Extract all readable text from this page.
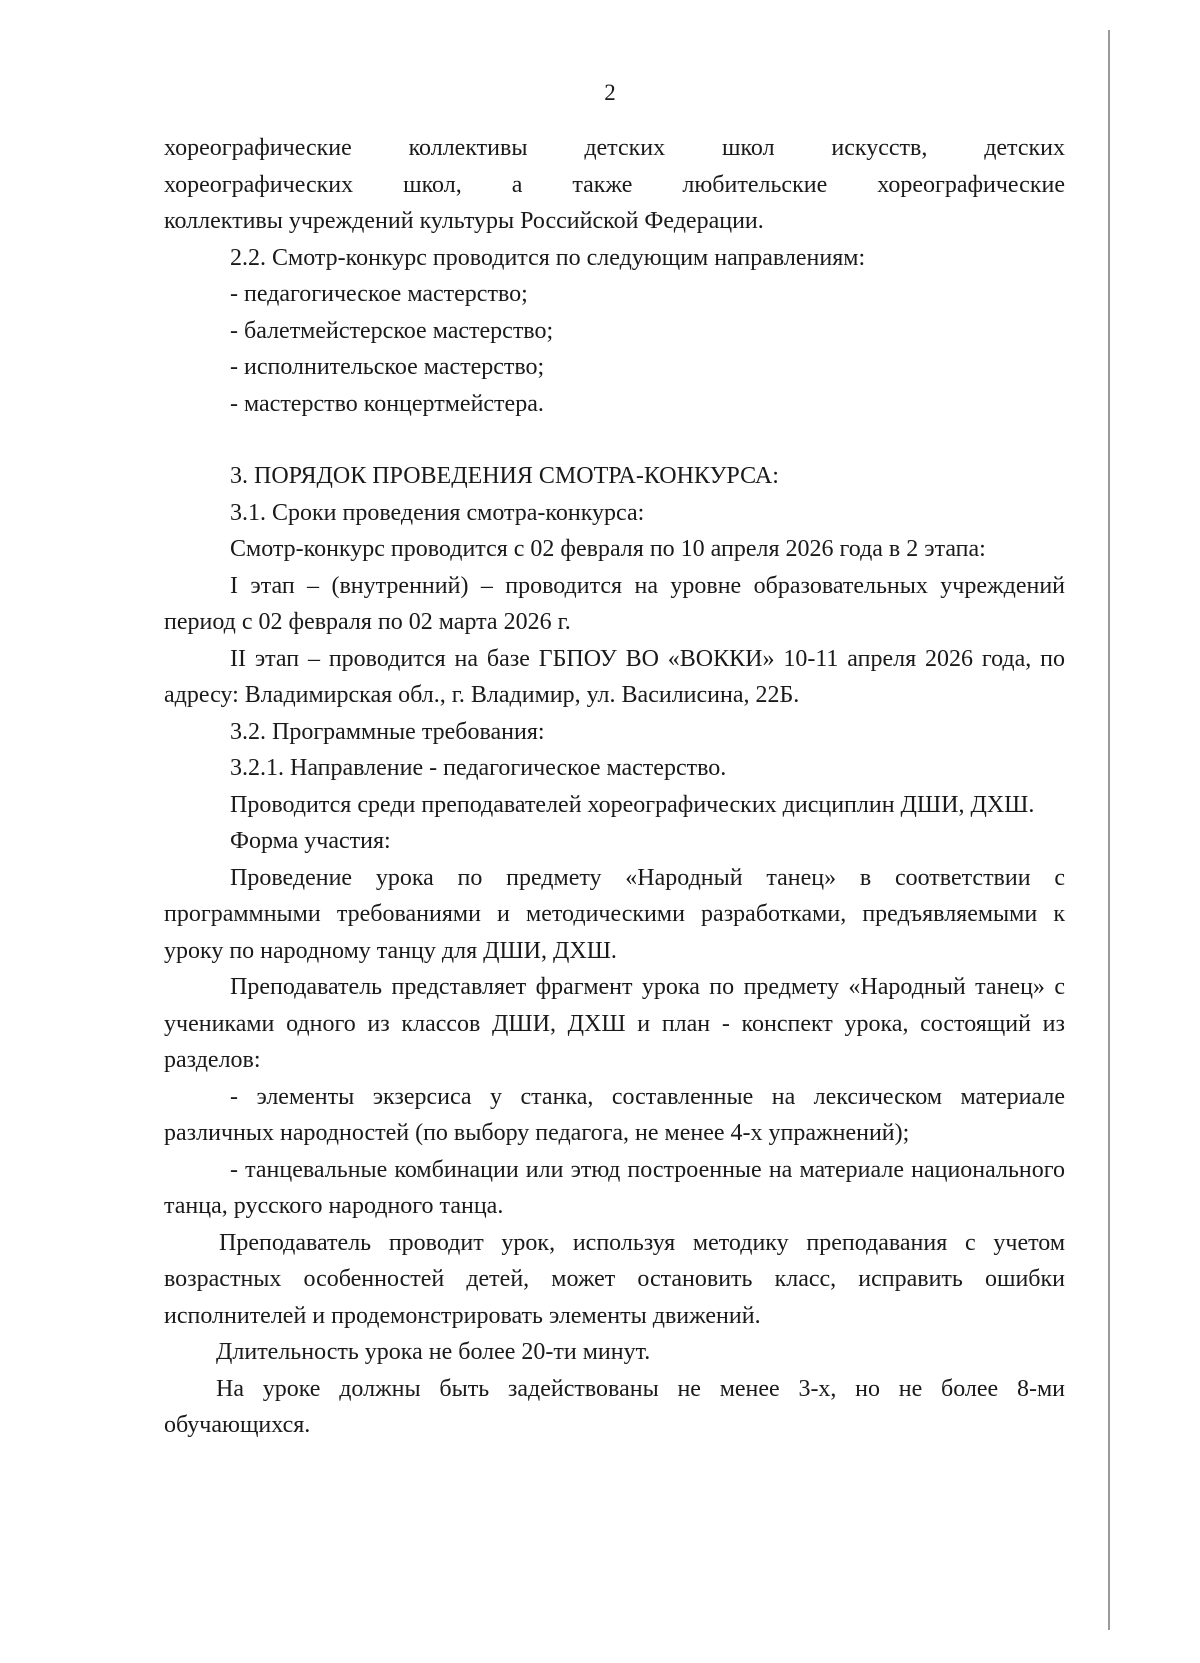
2

хореографические коллективы детских школ искусств, детских

хореографических школ, а также любительские хореографические

коллективы учреждений культуры Российской Федерации.

2.2. Смотр-конкурс проводится по следующим направлениям:

- педагогическое мастерство;

- балетмейстерское мастерство;

- исполнительское мастерство;

- мастерство концертмейстера.

3. ПОРЯДОК ПРОВЕДЕНИЯ СМОТРА-КОНКУРСА:

3.1. Сроки проведения смотра-конкурса:

Смотр-конкурс проводится с 02 февраля по 10 апреля 2026 года в 2 этапа:

I этап – (внутренний) – проводится на уровне образовательных учреждений период с 02 февраля по 02 марта 2026 г.

II этап – проводится на базе ГБПОУ ВО «ВОККИ» 10-11 апреля 2026 года, по адресу: Владимирская обл., г. Владимир, ул. Василисина, 22Б.

3.2. Программные требования:

3.2.1. Направление - педагогическое мастерство.

Проводится среди преподавателей хореографических дисциплин ДШИ, ДХШ.

Форма участия:

Проведение урока по предмету «Народный танец» в соответствии с программными требованиями и методическими разработками, предъявляемыми к уроку по народному танцу для ДШИ, ДХШ.

Преподаватель представляет фрагмент урока по предмету «Народный танец» с учениками одного из классов ДШИ, ДХШ и план - конспект урока, состоящий из разделов:

- элементы экзерсиса у станка, составленные на лексическом материале различных народностей (по выбору педагога, не менее 4-х упражнений);

- танцевальные комбинации или этюд построенные на материале национального танца, русского народного танца.

Преподаватель проводит урок, используя методику преподавания с учетом возрастных особенностей детей, может остановить класс, исправить ошибки исполнителей и продемонстрировать элементы движений.

Длительность урока не более 20-ти минут.

На уроке должны быть задействованы не менее 3-х, но не более 8-ми обучающихся.
